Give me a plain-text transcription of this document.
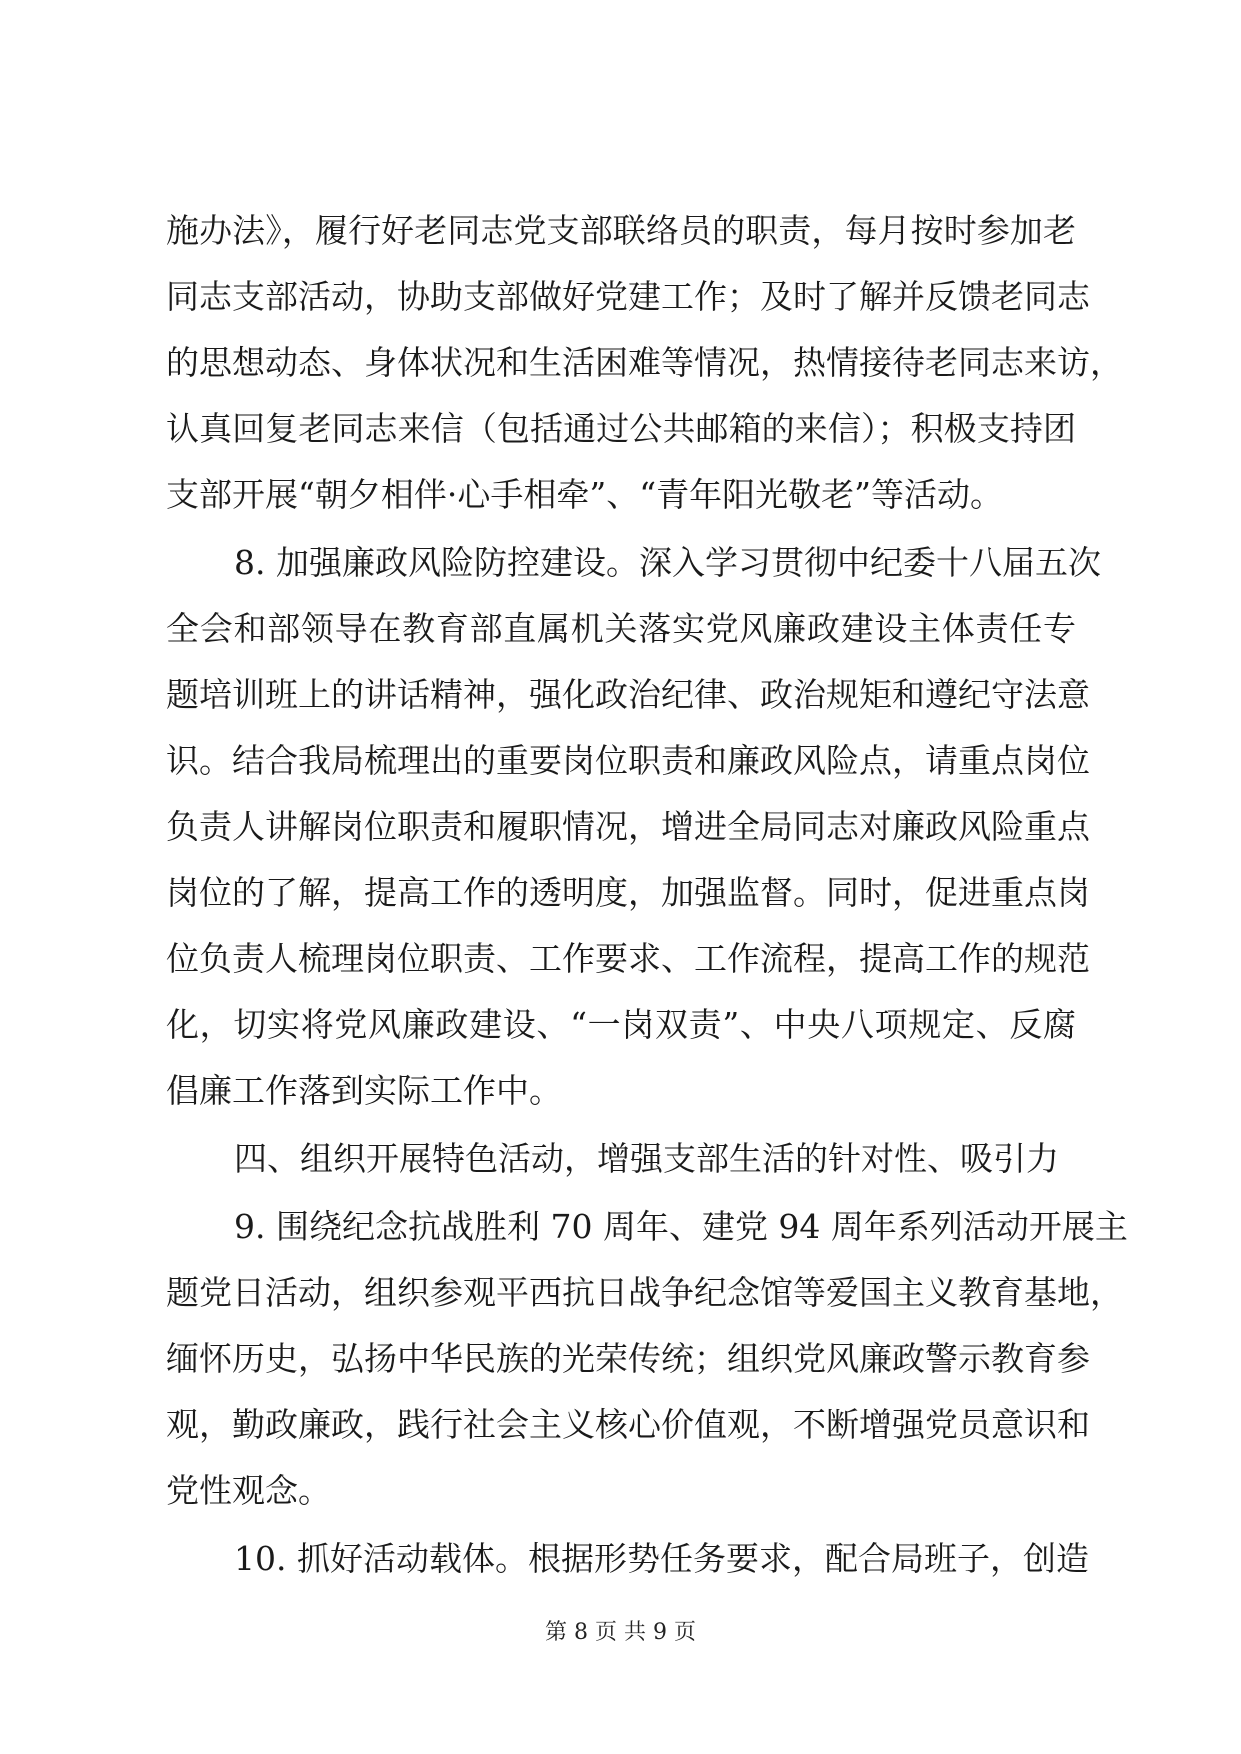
施办法》，履行好老同志党支部联络员的职责，每月按时参加老

同志支部活动，协助支部做好党建工作；及时了解并反馈老同志

的思想动态、身体状况和生活困难等情况，热情接待老同志来访，

认真回复老同志来信（包括通过公共邮箱的来信）；积极支持团

支部开展“朝夕相伴·心手相牵”、“青年阳光敬老”等活动。

8. 加强廉政风险防控建设。深入学习贯彻中纪委十八届五次

全会和部领导在教育部直属机关落实党风廉政建设主体责任专

题培训班上的讲话精神，强化政治纪律、政治规矩和遵纪守法意

识。结合我局梳理出的重要岗位职责和廉政风险点，请重点岗位

负责人讲解岗位职责和履职情况，增进全局同志对廉政风险重点

岗位的了解，提高工作的透明度，加强监督。同时，促进重点岗

位负责人梳理岗位职责、工作要求、工作流程，提高工作的规范

化，切实将党风廉政建设、“一岗双责”、中央八项规定、反腐

倡廉工作落到实际工作中。

四、组织开展特色活动，增强支部生活的针对性、吸引力

9. 围绕纪念抗战胜利 70 周年、建党 94 周年系列活动开展主

题党日活动，组织参观平西抗日战争纪念馆等爱国主义教育基地，

缅怀历史，弘扬中华民族的光荣传统；组织党风廉政警示教育参

观，勤政廉政，践行社会主义核心价值观，不断增强党员意识和

党性观念。

10. 抓好活动载体。根据形势任务要求，配合局班子，创造

第 8 页 共 9 页
